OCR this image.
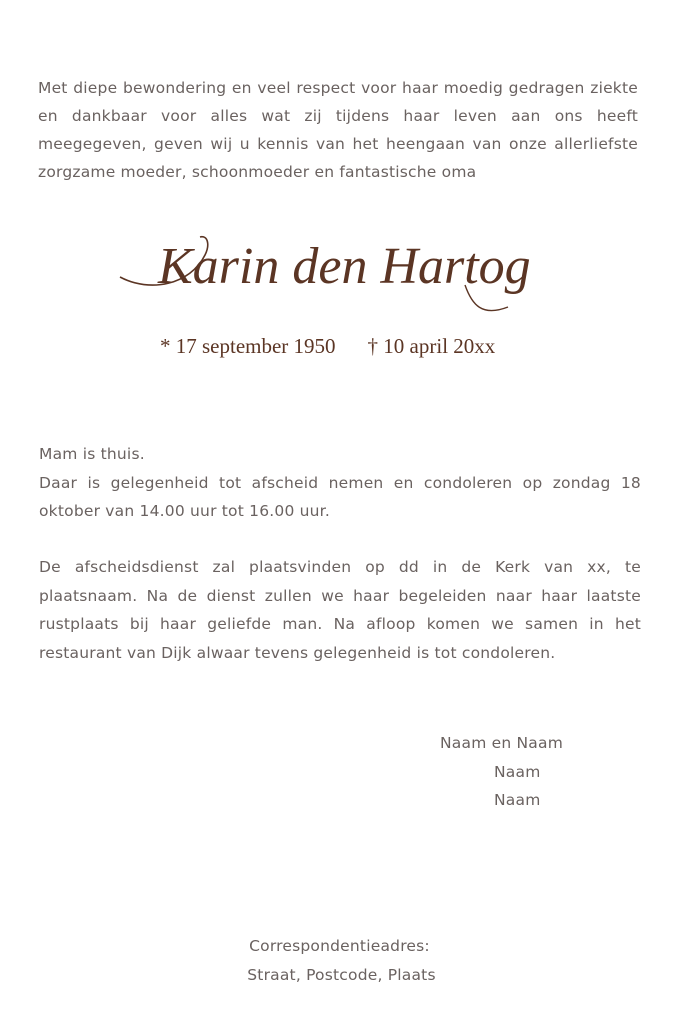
Met diepe bewondering en veel respect voor haar moedig gedragen ziekte en dankbaar voor alles wat zij tijdens haar leven aan ons heeft meegegeven, geven wij u kennis van het heengaan van onze allerliefste zorgzame moeder, schoonmoeder en fantastische oma
Karin den Hartog
* 17 september 1950 † 10 april 20xx
Mam is thuis.
Daar is gelegenheid tot afscheid nemen en condoleren op zondag 18 oktober van 14.00 uur tot 16.00 uur.
De afscheidsdienst zal plaatsvinden op dd in de Kerk van xx, te plaatsnaam. Na de dienst zullen we haar begeleiden naar haar laatste rustplaats bij haar geliefde man. Na afloop komen we samen in het restaurant van Dijk alwaar tevens gelegenheid is tot condoleren.
Naam en Naam
Naam
Naam
Correspondentieadres:
Straat, Postcode, Plaats
